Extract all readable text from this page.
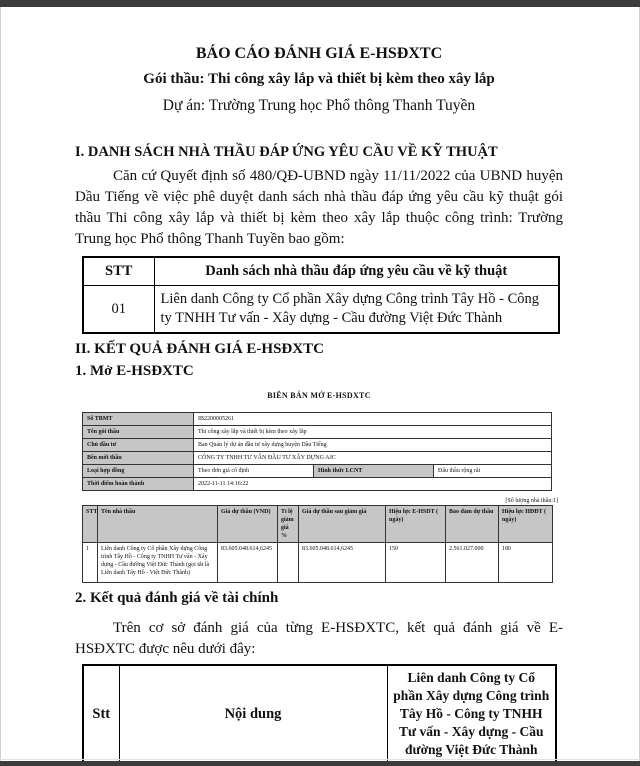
BÁO CÁO ĐÁNH GIÁ E-HSĐXTC
Gói thầu: Thi công xây lắp và thiết bị kèm theo xây lắp
Dự án: Trường Trung học Phổ thông Thanh Tuyền
I. DANH SÁCH NHÀ THẦU ĐÁP ỨNG YÊU CẦU VỀ KỸ THUẬT
Căn cứ Quyết định số 480/QĐ-UBND ngày 11/11/2022 của UBND huyện Dầu Tiếng về việc phê duyệt danh sách nhà thầu đáp ứng yêu cầu kỹ thuật gói thầu Thi công xây lắp và thiết bị kèm theo xây lắp thuộc công trình: Trường Trung học Phổ thông Thanh Tuyền bao gồm:
STT	Danh sách nhà thầu đáp ứng yêu cầu về kỹ thuật
01	Liên danh Công ty Cổ phần Xây dựng Công trình Tây Hồ - Công ty TNHH Tư vấn - Xây dựng - Cầu đường Việt Đức Thành
II. KẾT QUẢ ĐÁNH GIÁ E-HSĐXTC
1. Mở E-HSĐXTC
BIÊN BẢN MỞ E-HSDXTC
Số TBMT	IB2200005261		
Tên gói thầu	Thi công xây lắp và thiết bị kèm theo xây lắp		
Chủ đầu tư	Ban Quản lý dự án đầu tư xây dựng huyện Dầu Tiếng		
Bên mời thầu	CÔNG TY TNHH TƯ VẤN ĐẦU TƯ XÂY DỰNG AJC		
Loại hợp đồng	Theo đơn giá cố định	Hình thức LCNT	Đấu thầu rộng rãi
Thời điểm hoàn thành	2022-11-11 14:16:22		
[Số lượng nhà thầu:1]
STT	Tên nhà thầu	Giá dự thầu (VND)	Tỉ lệ giảm giá %	Giá dự thầu sau giảm giá	Hiệu lực E-HSDT ( ngày)	Bảo đảm dự thầu	Hiệu lực HĐĐT ( ngày)
1	Liên danh Công ty Cổ phần Xây dựng Công trình Tây Hồ - Công ty TNHH Tư vấn - Xây dựng - Cầu đường Việt Đức Thành (gọi tắt là Liên danh Tây Hồ - Việt Đức Thành)	83.605.048.614,6245		83.605.048.614,6245	150	2.561.027.000	180
2. Kết quả đánh giá về tài chính
Trên cơ sở đánh giá của từng E-HSĐXTC, kết quả đánh giá về E-HSĐXTC được nêu dưới đây:
Stt	Nội dung	Liên danh Công ty Cổ phần Xây dựng Công trình Tây Hồ - Công ty TNHH Tư vấn - Xây dựng - Cầu đường Việt Đức Thành
